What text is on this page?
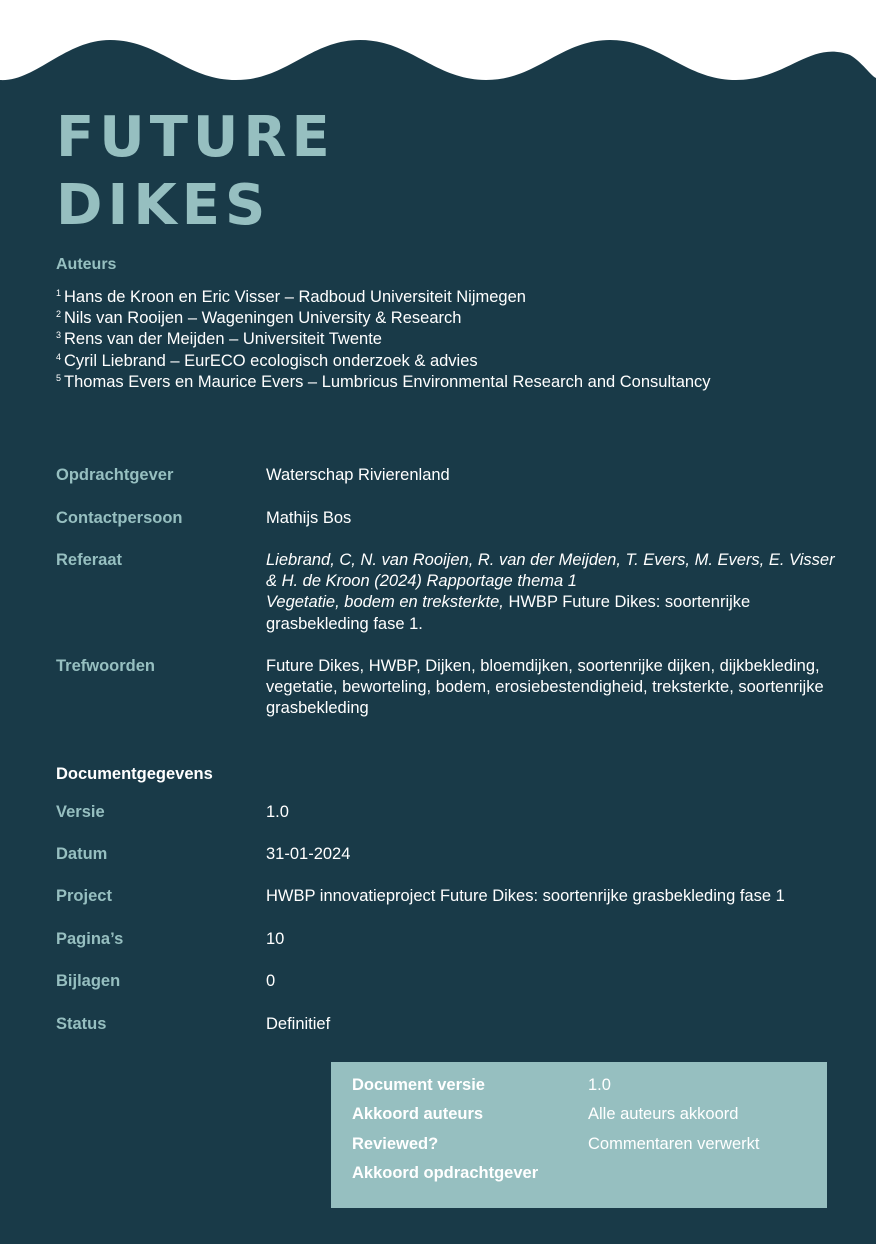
FUTURE
DIKES
Auteurs
$^1$ Hans de Kroon en Eric Visser – Radboud Universiteit Nijmegen
$^2$ Nils van Rooijen – Wageningen University & Research
$^3$ Rens van der Meijden – Universiteit Twente
$^4$ Cyril Liebrand – EurECO ecologisch onderzoek & advies
$^5$ Thomas Evers en Maurice Evers – Lumbricus Environmental Research and Consultancy
Opdrachtgever	Waterschap Rivierenland
Contactpersoon	Mathijs Bos
Referaat	Liebrand, C, N. van Rooijen, R. van der Meijden, T. Evers, M. Evers, E. Visser & H. de Kroon (2024) Rapportage thema 1
Vegetatie, bodem en treksterkte, HWBP Future Dikes: soortenrijke grasbekleding fase 1.
Trefwoorden	Future Dikes, HWBP, Dijken, bloemdijken, soortenrijke dijken, dijkbekleding, vegetatie, beworteling, bodem, erosiebestendigheid, treksterkte, soortenrijke grasbekleding
Documentgegevens
Versie	1.0
Datum	31-01-2024
Project	HWBP innovatieproject Future Dikes: soortenrijke grasbekleding fase 1
Pagina’s	10
Bijlagen	0
Status	Definitief
Document versie	1.0
Akkoord auteurs	Alle auteurs akkoord
Reviewed?	Commentaren verwerkt
Akkoord opdrachtgever
